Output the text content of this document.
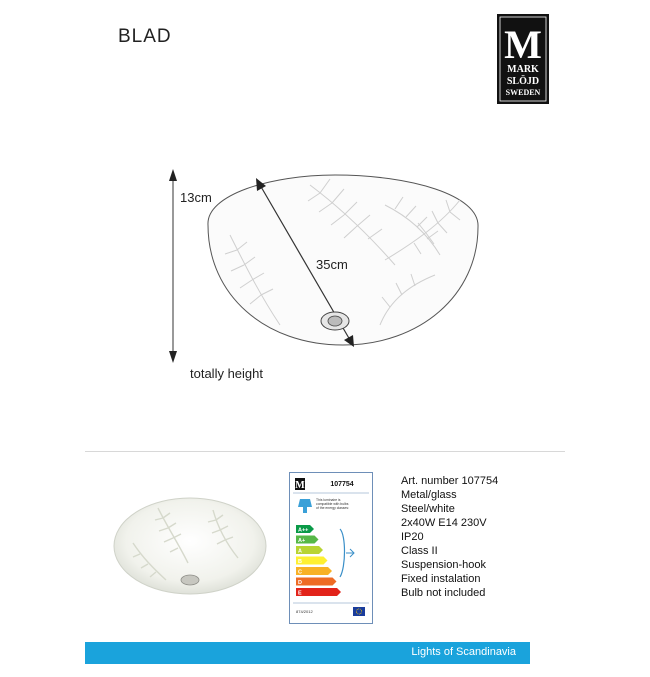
BLAD	M
MARK
SLÖJD
SWEDEN
13cm
35cm
totally height
M	107754
This luminaire is
compatible with bulbs
of the energy classes:
A++
A+
A
B
C
D
E
874/2012
Art. number 107754
Metal/glass
Steel/white
2x40W E14 230V
IP20
Class II
Suspension-hook
Fixed instalation
Bulb not included
Lights of Scandinavia
